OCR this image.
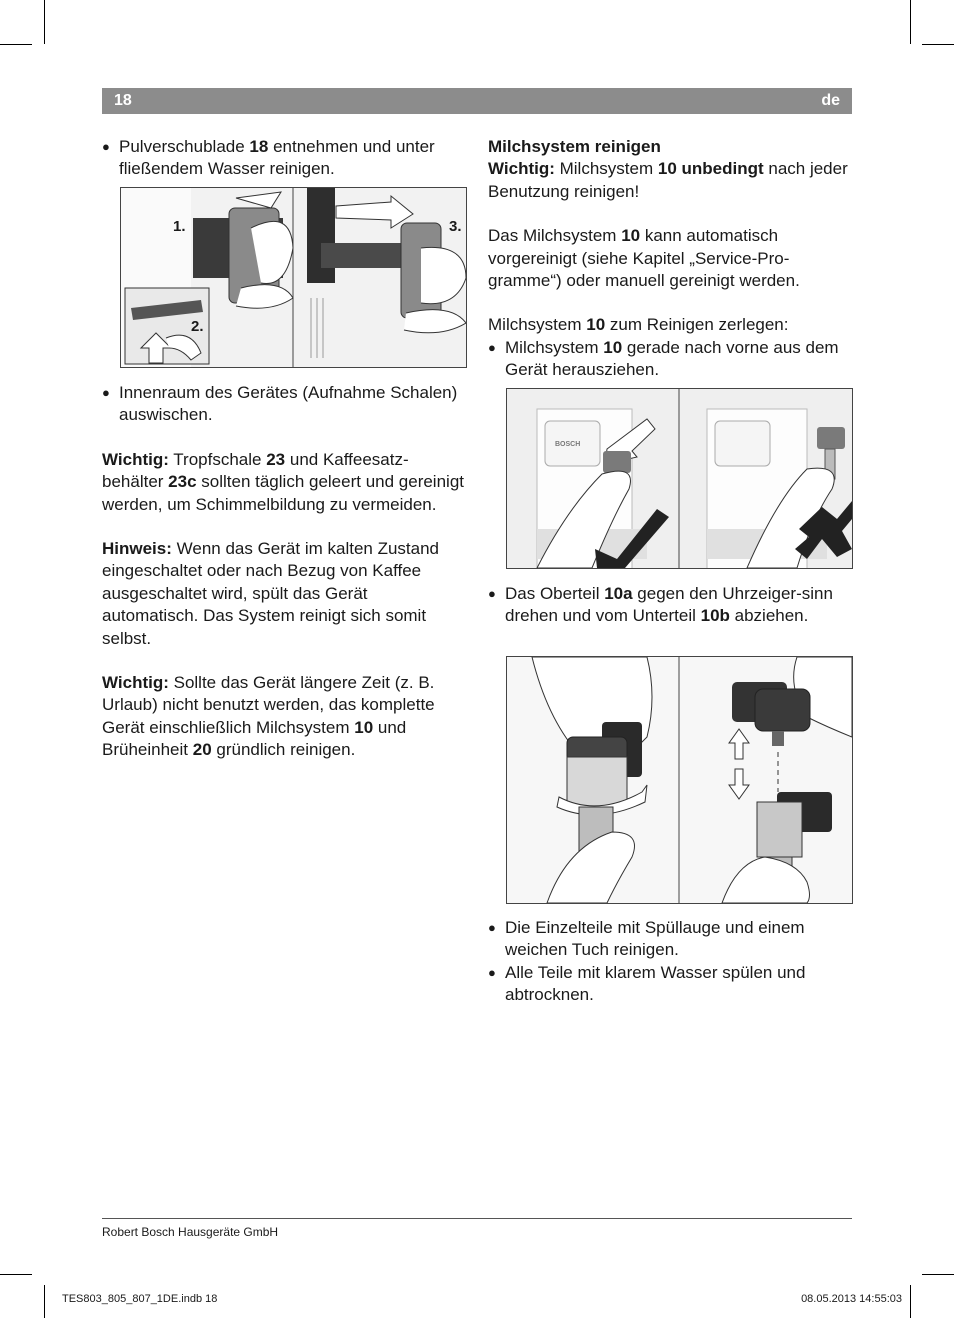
18	de

● Pulverschublade 18 entnehmen und unter fließendem Wasser reinigen.

1.
2.
3.

● Innenraum des Gerätes (Aufnahme Schalen) auswischen.

Wichtig: Tropfschale 23 und Kaffeesatz-behälter 23c sollten täglich geleert und gereinigt werden, um Schimmelbildung zu vermeiden.

Hinweis: Wenn das Gerät im kalten Zustand eingeschaltet oder nach Bezug von Kaffee ausgeschaltet wird, spült das Gerät automatisch. Das System reinigt sich somit selbst.

Wichtig: Sollte das Gerät längere Zeit (z. B. Urlaub) nicht benutzt werden, das komplette Gerät einschließlich Milchsystem 10 und Brüheinheit 20 gründlich reinigen.

Milchsystem reinigen

Wichtig: Milchsystem 10 unbedingt nach jeder Benutzung reinigen!

Das Milchsystem 10 kann automatisch vorgereinigt (siehe Kapitel „Service-Pro-gramme“) oder manuell gereinigt werden.

Milchsystem 10 zum Reinigen zerlegen:

● Milchsystem 10 gerade nach vorne aus dem Gerät herausziehen.

BOSCH

● Das Oberteil 10a gegen den Uhrzeiger-sinn drehen und vom Unterteil 10b abziehen.

● Die Einzelteile mit Spüllauge und einem weichen Tuch reinigen.

● Alle Teile mit klarem Wasser spülen und abtrocknen.

Robert Bosch Hausgeräte GmbH
TES803_805_807_1DE.indb 18	08.05.2013 14:55:03
